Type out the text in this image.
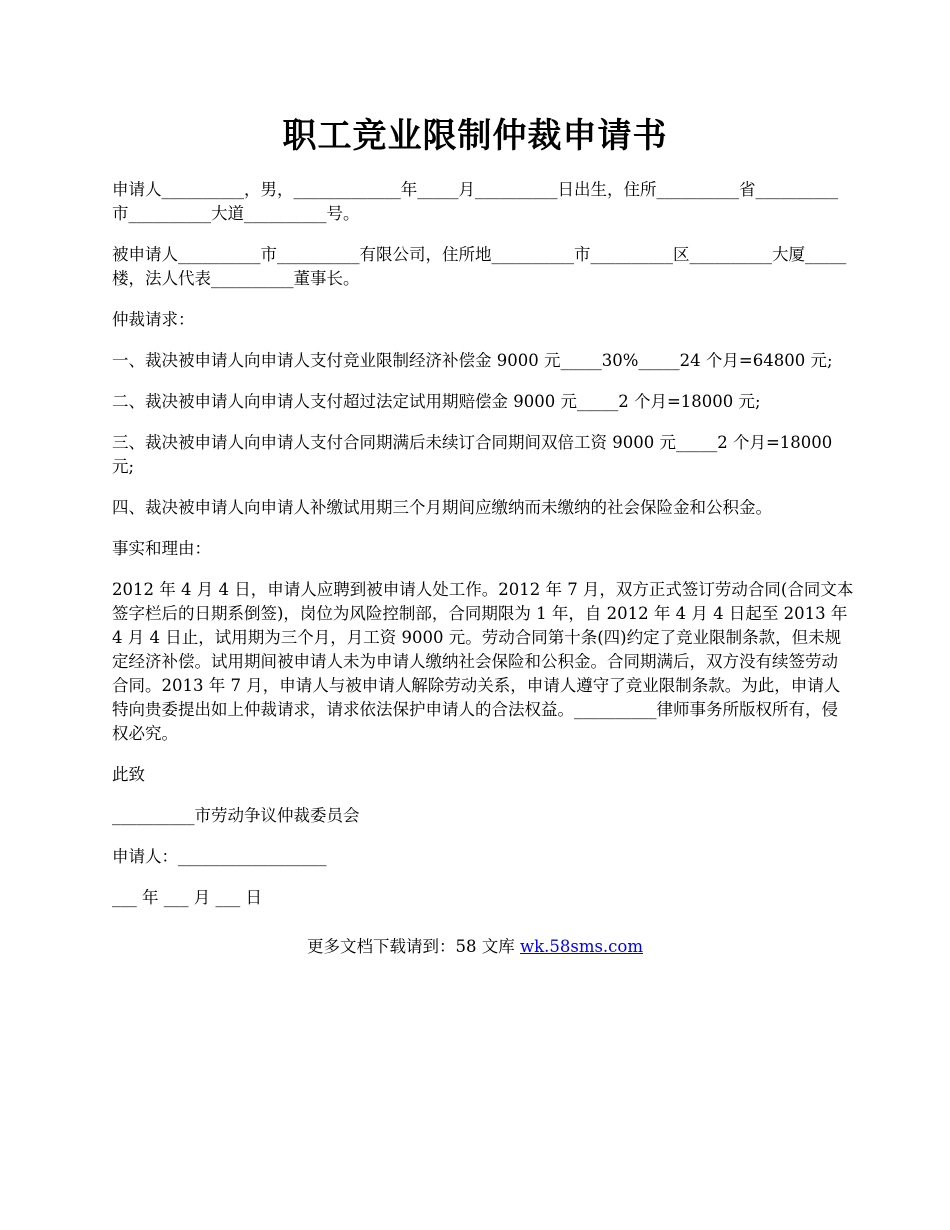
职工竞业限制仲裁申请书

申请人__________，男，_____________年_____月__________日出生，住所__________省__________市__________大道__________号。

被申请人__________市__________有限公司，住所地__________市__________区__________大厦_____楼，法人代表__________董事长。

仲裁请求：

一、裁决被申请人向申请人支付竞业限制经济补偿金 9000 元_____30%_____24 个月=64800 元;

二、裁决被申请人向申请人支付超过法定试用期赔偿金 9000 元_____2 个月=18000 元;

三、裁决被申请人向申请人支付合同期满后未续订合同期间双倍工资 9000 元_____2 个月=18000 元;

四、裁决被申请人向申请人补缴试用期三个月期间应缴纳而未缴纳的社会保险金和公积金。

事实和理由：

2012 年 4 月 4 日，申请人应聘到被申请人处工作。2012 年 7 月，双方正式签订劳动合同(合同文本签字栏后的日期系倒签)，岗位为风险控制部，合同期限为 1 年，自 2012 年 4 月 4 日起至 2013 年 4 月 4 日止，试用期为三个月，月工资 9000 元。劳动合同第十条(四)约定了竞业限制条款，但未规定经济补偿。试用期间被申请人未为申请人缴纳社会保险和公积金。合同期满后，双方没有续签劳动合同。2013 年 7 月，申请人与被申请人解除劳动关系，申请人遵守了竞业限制条款。为此，申请人特向贵委提出如上仲裁请求，请求依法保护申请人的合法权益。__________律师事务所版权所有，侵权必究。

此致

__________市劳动争议仲裁委员会

申请人：__________________

___ 年 ___ 月 ___ 日

更多文档下载请到：58 文库 wk.58sms.com
